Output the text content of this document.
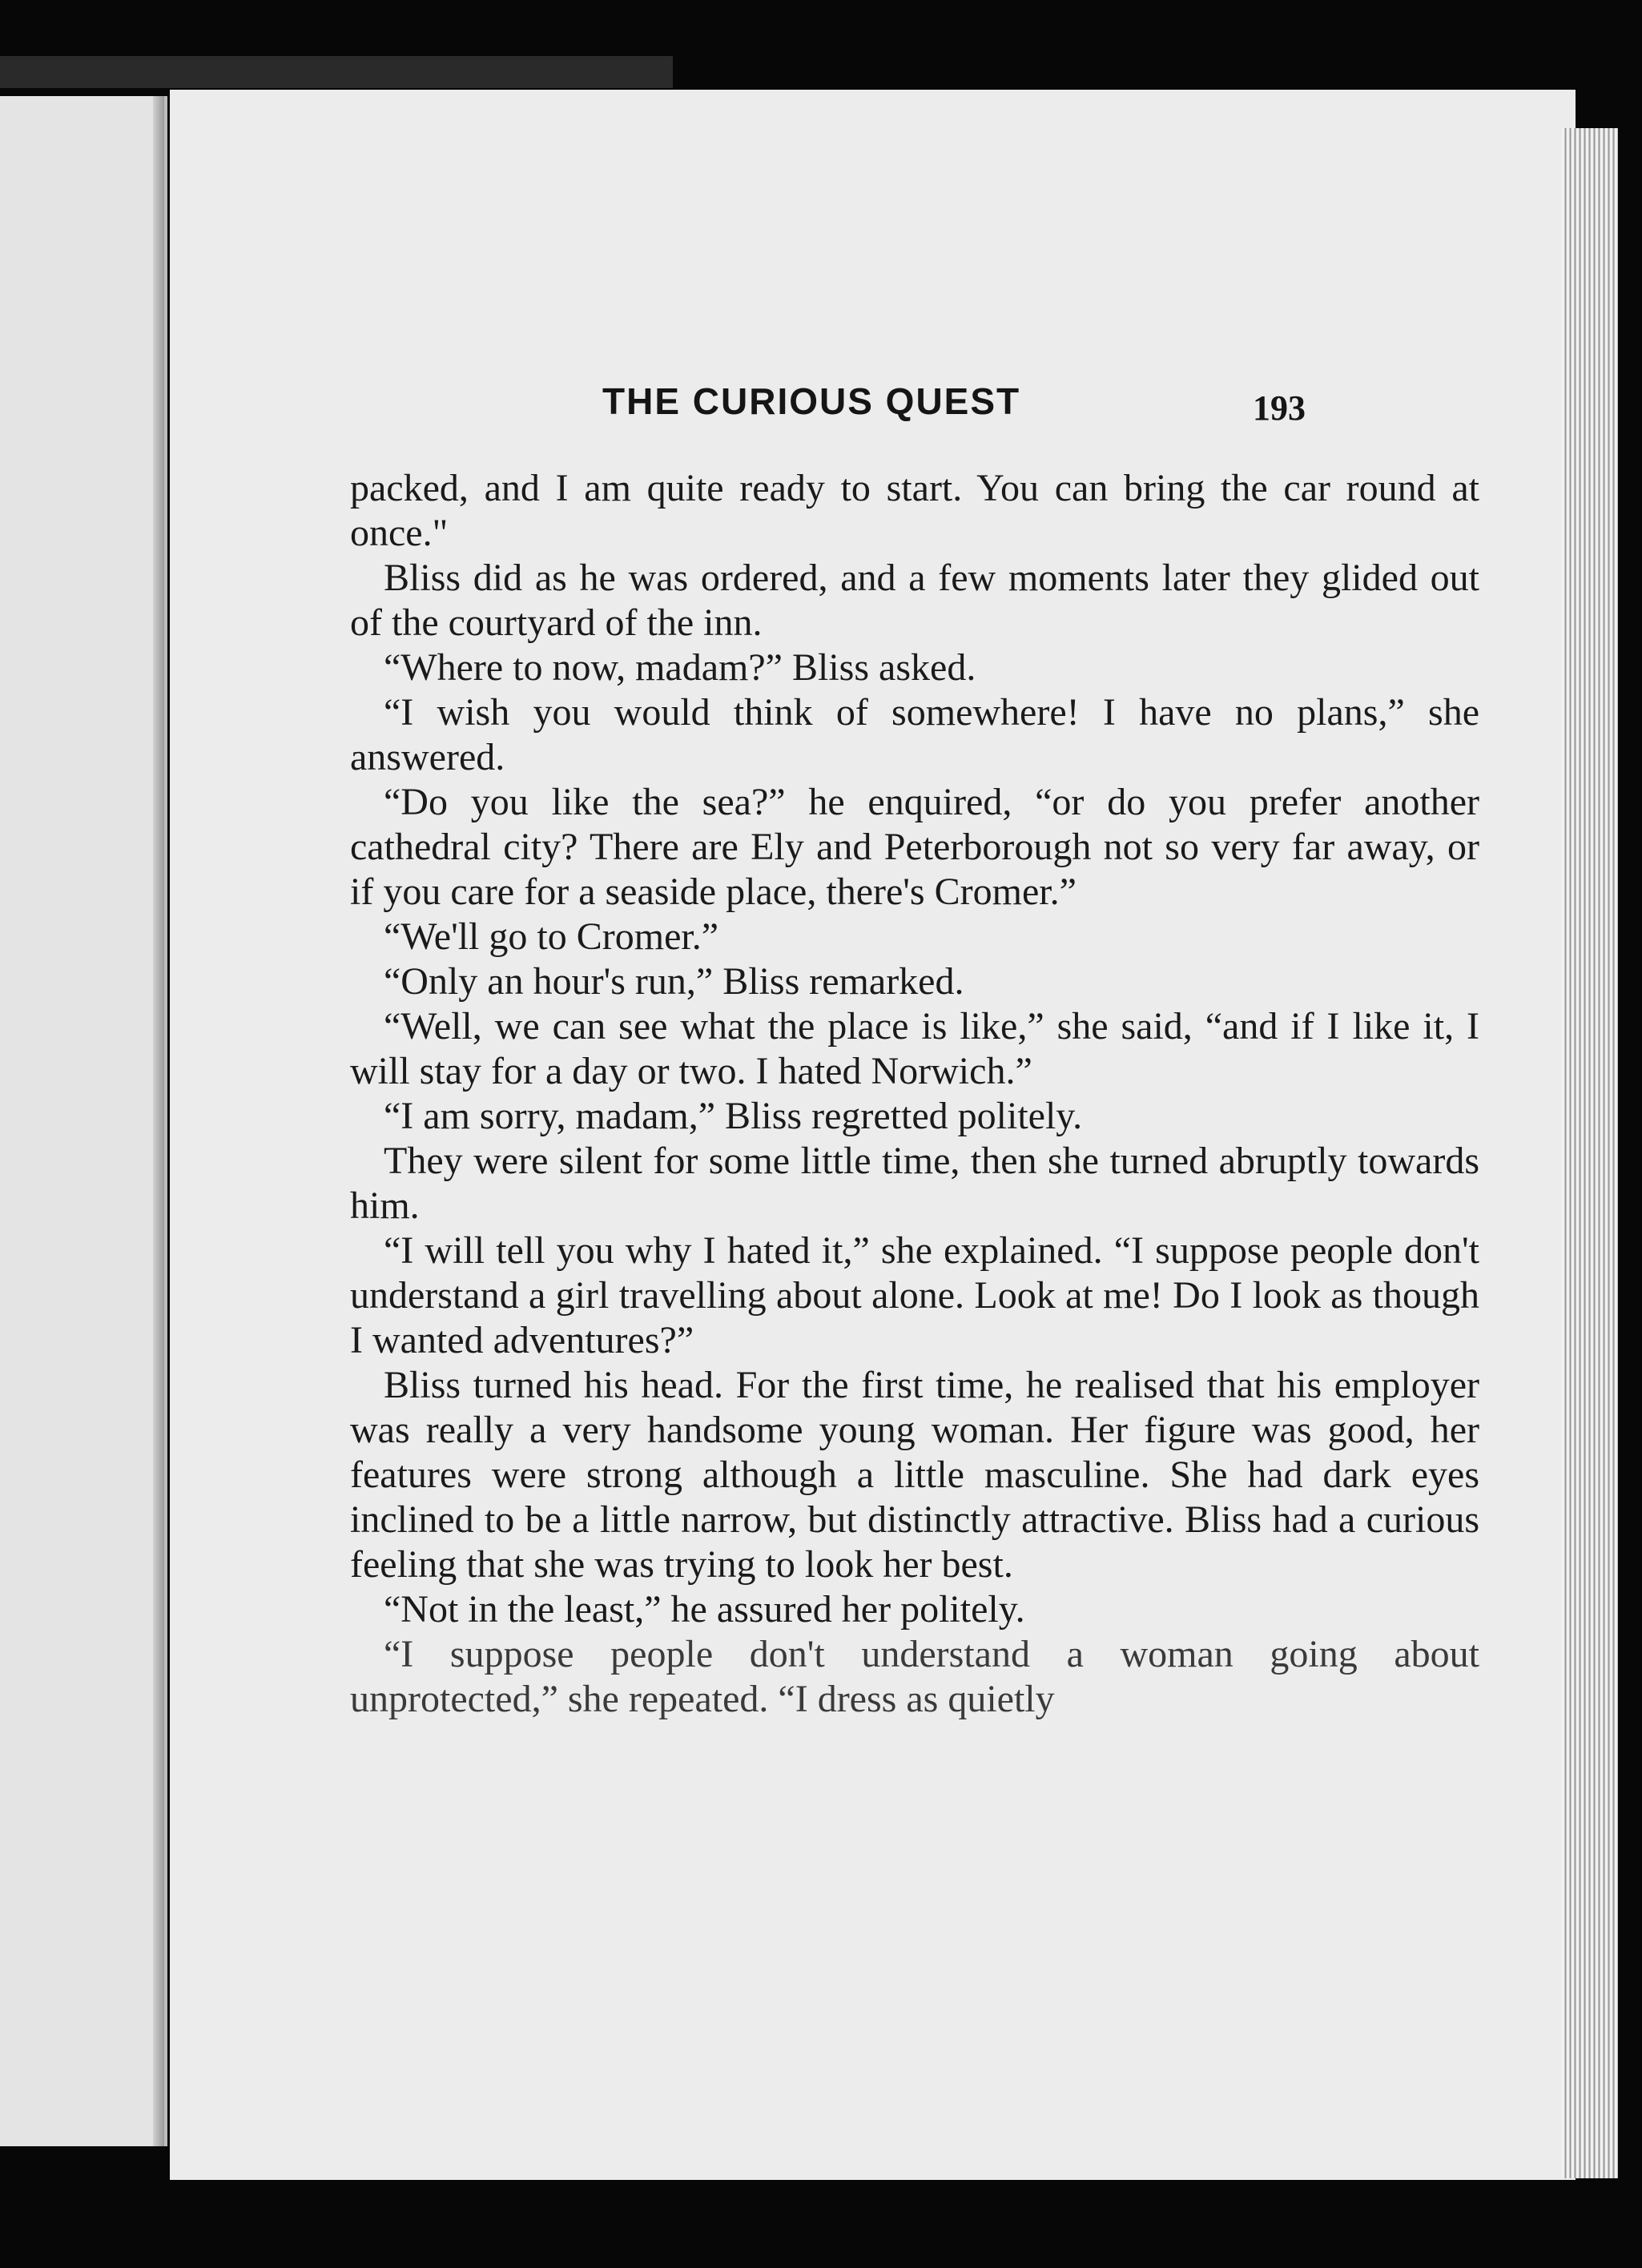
THE CURIOUS QUEST	193

packed, and I am quite ready to start. You can bring the car round at once."

Bliss did as he was ordered, and a few moments later they glided out of the courtyard of the inn.

“Where to now, madam?” Bliss asked.

“I wish you would think of somewhere! I have no plans,” she answered.

“Do you like the sea?” he enquired, “or do you prefer another cathedral city? There are Ely and Peterborough not so very far away, or if you care for a seaside place, there's Cromer.”

“We'll go to Cromer.”

“Only an hour's run,” Bliss remarked.

“Well, we can see what the place is like,” she said, “and if I like it, I will stay for a day or two. I hated Norwich.”

“I am sorry, madam,” Bliss regretted politely.

They were silent for some little time, then she turned abruptly towards him.

“I will tell you why I hated it,” she explained. “I suppose people don't understand a girl travelling about alone. Look at me! Do I look as though I wanted adventures?”

Bliss turned his head. For the first time, he realised that his employer was really a very handsome young woman. Her figure was good, her features were strong although a little masculine. She had dark eyes inclined to be a little narrow, but distinctly attractive. Bliss had a curious feeling that she was trying to look her best.

“Not in the least,” he assured her politely.

“I suppose people don't understand a woman going about unprotected,” she repeated. “I dress as quietly
